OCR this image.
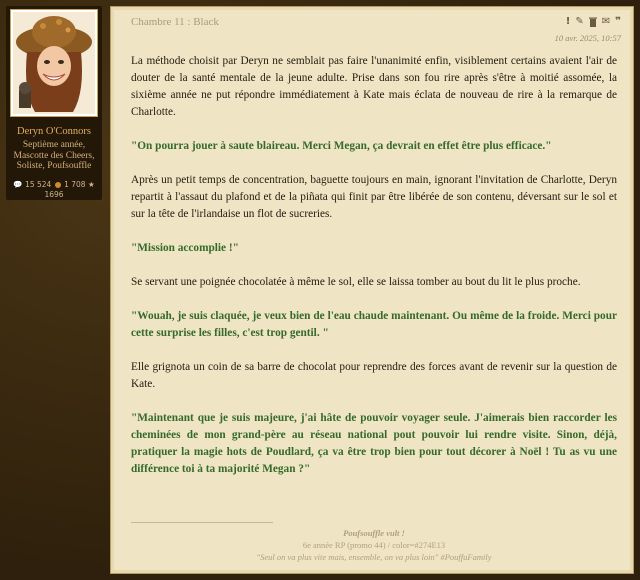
Deryn O'Connors
Septième année, Mascotte des Cheers, Soliste, Poufsouffle
💬 15 524 1 708 ★
1696
Chambre 11 : Black	! ✎ ✉ ❞
10 avr. 2025, 10:57

La méthode choisit par Deryn ne semblait pas faire l'unanimité enfin, visiblement certains avaient l'air de douter de la santé mentale de la jeune adulte. Prise dans son fou rire après s'être à moitié assomée, la sixième année ne put répondre immédiatement à Kate mais éclata de nouveau de rire à la remarque de Charlotte.

"On pourra jouer à saute blaireau. Merci Megan, ça devrait en effet être plus efficace."

Après un petit temps de concentration, baguette toujours en main, ignorant l'invitation de Charlotte, Deryn repartit à l'assaut du plafond et de la piñata qui finit par être libérée de son contenu, déversant sur le sol et sur la tête de l'irlandaise un flot de sucreries.

"Mission accomplie !"

Se servant une poignée chocolatée à même le sol, elle se laissa tomber au bout du lit le plus proche.

"Wouah, je suis claquée, je veux bien de l'eau chaude maintenant. Ou même de la froide. Merci pour cette surprise les filles, c'est trop gentil. "

Elle grignota un coin de sa barre de chocolat pour reprendre des forces avant de revenir sur la question de Kate.

"Maintenant que je suis majeure, j'ai hâte de pouvoir voyager seule. J'aimerais bien raccorder les cheminées de mon grand-père au réseau national pout pouvoir lui rendre visite. Sinon, déjà, pratiquer la magie hots de Poudlard, ça va être trop bien pour tout décorer à Noël ! Tu as vu une différence toi à ta majorité Megan ?"

Poufsouffle vult !
6e année RP (promo 44) / color=#274E13
"Seul on va plus vite mais, ensemble, on va plus loin" #PouffuFamily
